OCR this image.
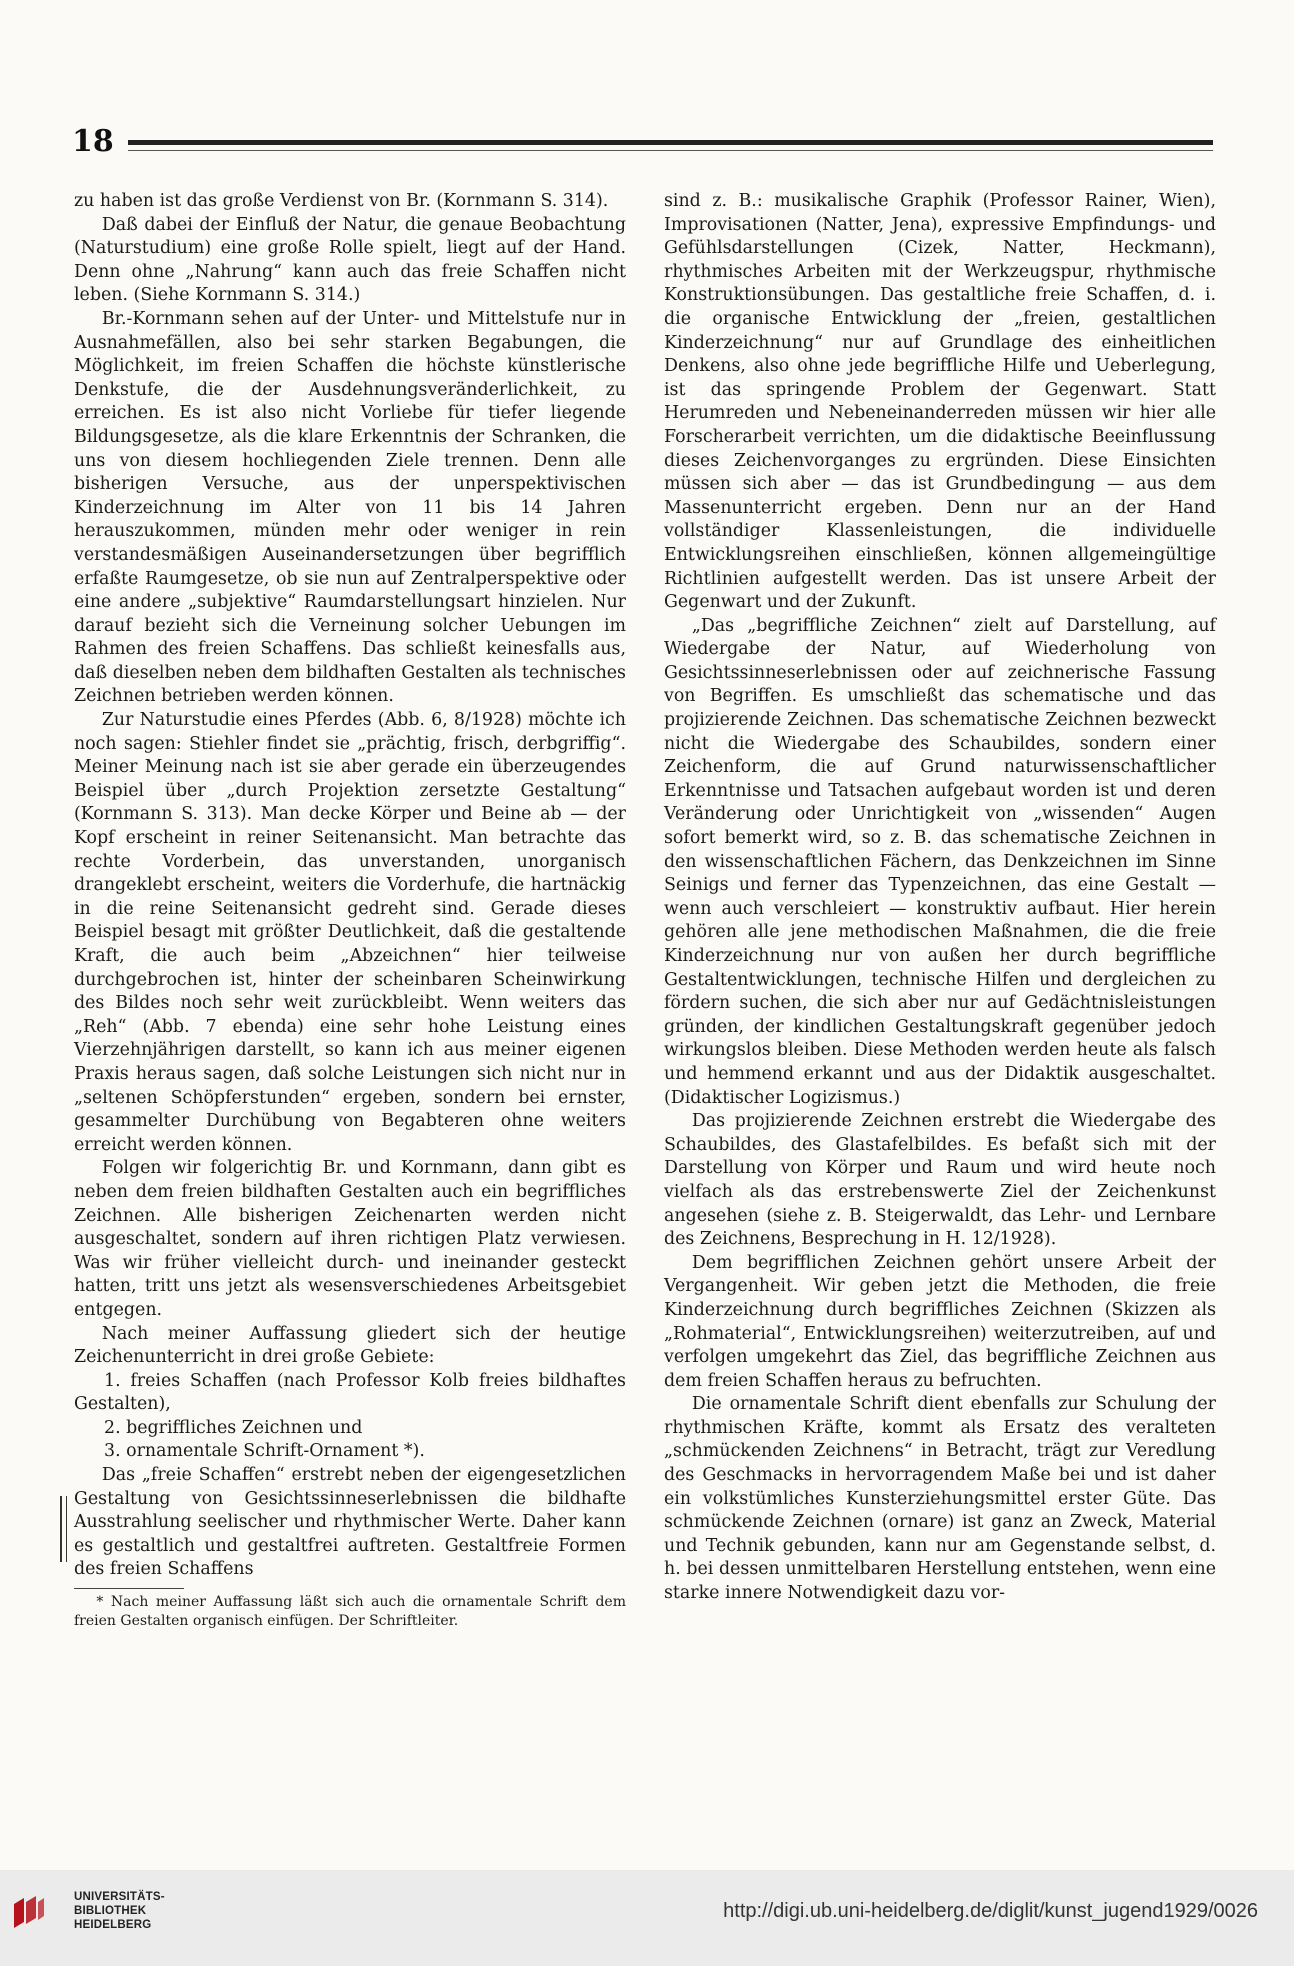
18

zu haben ist das große Verdienst von Br. (Kornmann S. 314).

Daß dabei der Einfluß der Natur, die genaue Beobachtung (Naturstudium) eine große Rolle spielt, liegt auf der Hand. Denn ohne „Nahrung“ kann auch das freie Schaffen nicht leben. (Siehe Kornmann S. 314.)

Br.-Kornmann sehen auf der Unter- und Mittelstufe nur in Ausnahmefällen, also bei sehr starken Begabungen, die Möglichkeit, im freien Schaffen die höchste künstlerische Denkstufe, die der Ausdehnungsveränderlichkeit, zu erreichen. Es ist also nicht Vorliebe für tiefer liegende Bildungsgesetze, als die klare Erkenntnis der Schranken, die uns von diesem hochliegenden Ziele trennen. Denn alle bisherigen Versuche, aus der unperspektivischen Kinderzeichnung im Alter von 11 bis 14 Jahren herauszukommen, münden mehr oder weniger in rein verstandesmäßigen Auseinandersetzungen über begrifflich erfaßte Raumgesetze, ob sie nun auf Zentralperspektive oder eine andere „subjektive“ Raumdarstellungsart hinzielen. Nur darauf bezieht sich die Verneinung solcher Uebungen im Rahmen des freien Schaffens. Das schließt keinesfalls aus, daß dieselben neben dem bildhaften Gestalten als technisches Zeichnen betrieben werden können.

Zur Naturstudie eines Pferdes (Abb. 6, 8/1928) möchte ich noch sagen: Stiehler findet sie „prächtig, frisch, derbgriffig“. Meiner Meinung nach ist sie aber gerade ein überzeugendes Beispiel über „durch Projektion zersetzte Gestaltung“ (Kornmann S. 313). Man decke Körper und Beine ab — der Kopf erscheint in reiner Seitenansicht. Man betrachte das rechte Vorderbein, das unverstanden, unorganisch drangeklebt erscheint, weiters die Vorderhufe, die hartnäckig in die reine Seitenansicht gedreht sind. Gerade dieses Beispiel besagt mit größter Deutlichkeit, daß die gestaltende Kraft, die auch beim „Abzeichnen“ hier teilweise durchgebrochen ist, hinter der scheinbaren Scheinwirkung des Bildes noch sehr weit zurückbleibt. Wenn weiters das „Reh“ (Abb. 7 ebenda) eine sehr hohe Leistung eines Vierzehnjährigen darstellt, so kann ich aus meiner eigenen Praxis heraus sagen, daß solche Leistungen sich nicht nur in „seltenen Schöpferstunden“ ergeben, sondern bei ernster, gesammelter Durchübung von Begabteren ohne weiters erreicht werden können.

Folgen wir folgerichtig Br. und Kornmann, dann gibt es neben dem freien bildhaften Gestalten auch ein begriffliches Zeichnen. Alle bisherigen Zeichenarten werden nicht ausgeschaltet, sondern auf ihren richtigen Platz verwiesen. Was wir früher vielleicht durch- und ineinander gesteckt hatten, tritt uns jetzt als wesensverschiedenes Arbeitsgebiet entgegen.

Nach meiner Auffassung gliedert sich der heutige Zeichenunterricht in drei große Gebiete:

1. freies Schaffen (nach Professor Kolb freies bildhaftes Gestalten),

2. begriffliches Zeichnen und

3. ornamentale Schrift-Ornament *).

Das „freie Schaffen“ erstrebt neben der eigengesetzlichen Gestaltung von Gesichtssinneserlebnissen die bildhafte Ausstrahlung seelischer und rhythmischer Werte. Daher kann es gestaltlich und gestaltfrei auftreten. Gestaltfreie Formen des freien Schaffens

* Nach meiner Auffassung läßt sich auch die ornamentale Schrift dem freien Gestalten organisch einfügen. Der Schriftleiter.

sind z. B.: musikalische Graphik (Professor Rainer, Wien), Improvisationen (Natter, Jena), expressive Empfindungs- und Gefühlsdarstellungen (Cizek, Natter, Heckmann), rhythmisches Arbeiten mit der Werkzeugspur, rhythmische Konstruktionsübungen. Das gestaltliche freie Schaffen, d. i. die organische Entwicklung der „freien, gestaltlichen Kinderzeichnung“ nur auf Grundlage des einheitlichen Denkens, also ohne jede begriffliche Hilfe und Ueberlegung, ist das springende Problem der Gegenwart. Statt Herumreden und Nebeneinanderreden müssen wir hier alle Forscherarbeit verrichten, um die didaktische Beeinflussung dieses Zeichenvorganges zu ergründen. Diese Einsichten müssen sich aber — das ist Grundbedingung — aus dem Massenunterricht ergeben. Denn nur an der Hand vollständiger Klassenleistungen, die individuelle Entwicklungsreihen einschließen, können allgemeingültige Richtlinien aufgestellt werden. Das ist unsere Arbeit der Gegenwart und der Zukunft.

„Das „begriffliche Zeichnen“ zielt auf Darstellung, auf Wiedergabe der Natur, auf Wiederholung von Gesichtssinneserlebnissen oder auf zeichnerische Fassung von Begriffen. Es umschließt das schematische und das projizierende Zeichnen. Das schematische Zeichnen bezweckt nicht die Wiedergabe des Schaubildes, sondern einer Zeichenform, die auf Grund naturwissenschaftlicher Erkenntnisse und Tatsachen aufgebaut worden ist und deren Veränderung oder Unrichtigkeit von „wissenden“ Augen sofort bemerkt wird, so z. B. das schematische Zeichnen in den wissenschaftlichen Fächern, das Denkzeichnen im Sinne Seinigs und ferner das Typenzeichnen, das eine Gestalt — wenn auch verschleiert — konstruktiv aufbaut. Hier herein gehören alle jene methodischen Maßnahmen, die die freie Kinderzeichnung nur von außen her durch begriffliche Gestaltentwicklungen, technische Hilfen und dergleichen zu fördern suchen, die sich aber nur auf Gedächtnisleistungen gründen, der kindlichen Gestaltungskraft gegenüber jedoch wirkungslos bleiben. Diese Methoden werden heute als falsch und hemmend erkannt und aus der Didaktik ausgeschaltet. (Didaktischer Logizismus.)

Das projizierende Zeichnen erstrebt die Wiedergabe des Schaubildes, des Glastafelbildes. Es befaßt sich mit der Darstellung von Körper und Raum und wird heute noch vielfach als das erstrebenswerte Ziel der Zeichenkunst angesehen (siehe z. B. Steigerwaldt, das Lehr- und Lernbare des Zeichnens, Besprechung in H. 12/1928).

Dem begrifflichen Zeichnen gehört unsere Arbeit der Vergangenheit. Wir geben jetzt die Methoden, die freie Kinderzeichnung durch begriffliches Zeichnen (Skizzen als „Rohmaterial“, Entwicklungsreihen) weiterzutreiben, auf und verfolgen umgekehrt das Ziel, das begriffliche Zeichnen aus dem freien Schaffen heraus zu befruchten.

Die ornamentale Schrift dient ebenfalls zur Schulung der rhythmischen Kräfte, kommt als Ersatz des veralteten „schmückenden Zeichnens“ in Betracht, trägt zur Veredlung des Geschmacks in hervorragendem Maße bei und ist daher ein volkstümliches Kunsterziehungsmittel erster Güte. Das schmückende Zeichnen (ornare) ist ganz an Zweck, Material und Technik gebunden, kann nur am Gegenstande selbst, d. h. bei dessen unmittelbaren Herstellung entstehen, wenn eine starke innere Notwendigkeit dazu vor-

UNIVERSITÄTS-
BIBLIOTHEK
HEIDELBERG
http://digi.ub.uni-heidelberg.de/diglit/kunst_jugend1929/0026
